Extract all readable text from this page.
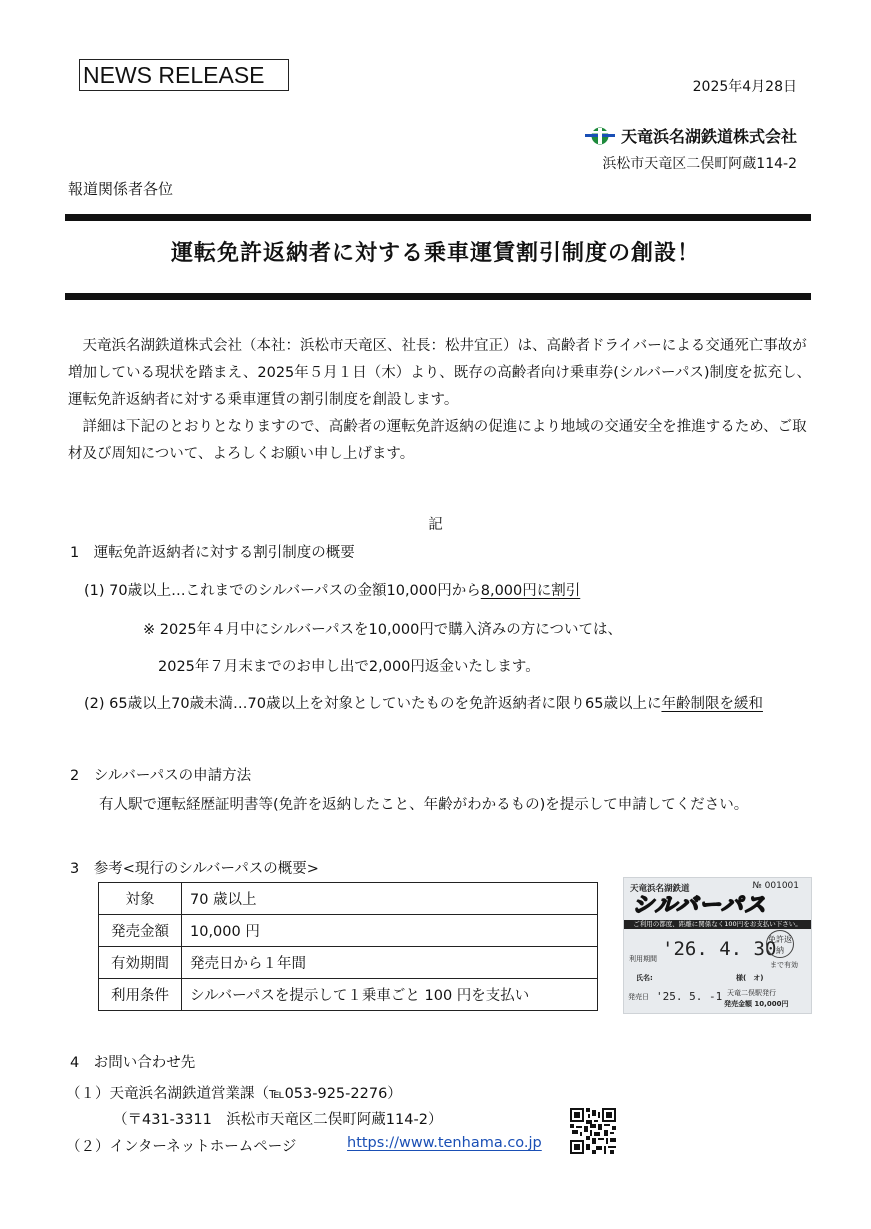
NEWS RELEASE	2025年4月28日
天竜浜名湖鉄道株式会社
浜松市天竜区二俣町阿蔵114-2
報道関係者各位
運転免許返納者に対する乗車運賃割引制度の創設！

天竜浜名湖鉄道株式会社（本社：浜松市天竜区、社長：松井宜正）は、高齢者ドライバーによる交通死亡事故が増加している現状を踏まえ、2025年５月１日（木）より、既存の高齢者向け乗車券(シルバーパス)制度を拡充し、運転免許返納者に対する乗車運賃の割引制度を創設します。

詳細は下記のとおりとなりますので、高齢者の運転免許返納の促進により地域の交通安全を推進するため、ご取材及び周知について、よろしくお願い申し上げます。

記
1　運転免許返納者に対する割引制度の概要
(1) 70歳以上…これまでのシルバーパスの金額10,000円から8,000円に割引
※ 2025年４月中にシルバーパスを10,000円で購入済みの方については、
2025年７月末までのお申し出で2,000円返金いたします。
(2) 65歳以上70歳未満…70歳以上を対象としていたものを免許返納者に限り65歳以上に年齢制限を緩和
2　シルバーパスの申請方法
有人駅で運転経歴証明書等(免許を返納したこと、年齢がわかるもの)を提示して申請してください。
3　参考<現行のシルバーパスの概要>
対象	70 歳以上
発売金額	10,000 円
有効期間	発売日から１年間
利用条件	シルバーパスを提示して１乗車ごと 100 円を支払い
天竜浜名湖鉄道	№ 001001
シルバーパス
ご利用の都度、距離に関係なく100円をお支払い下さい。
利用期間 '26. 4. 30
免許返納
まで有効
氏名:	様(　オ)
発売日 '25. 5. -1 天竜二俣駅発行
発売金額 10,000円
4　お問い合わせ先
（１）天竜浜名湖鉄道営業課（℡053-925-2276）
（〒431-3311　浜松市天竜区二俣町阿蔵114-2）
（２）インターネットホームページ	https://www.tenhama.co.jp
